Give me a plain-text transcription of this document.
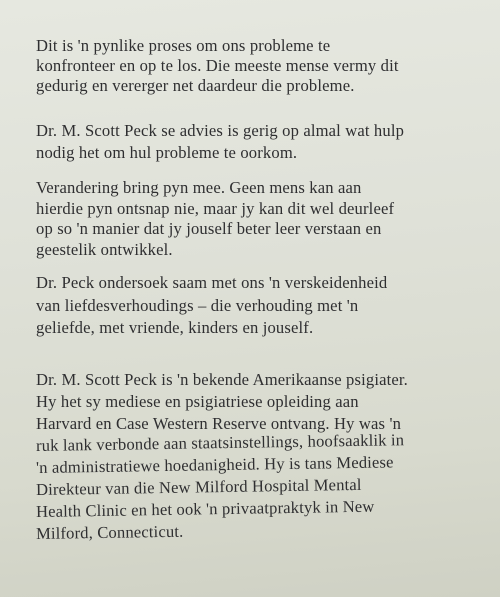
Dit is 'n pynlike proses om ons probleme te
konfronteer en op te los. Die meeste mense vermy dit
gedurig en vererger net daardeur die probleme.

Dr. M. Scott Peck se advies is gerig op almal wat hulp
nodig het om hul probleme te oorkom.

Verandering bring pyn mee. Geen mens kan aan
hierdie pyn ontsnap nie, maar jy kan dit wel deurleef
op so 'n manier dat jy jouself beter leer verstaan en
geestelik ontwikkel.

Dr. Peck ondersoek saam met ons 'n verskeidenheid
van liefdesverhoudings – die verhouding met 'n
geliefde, met vriende, kinders en jouself.

Dr. M. Scott Peck is 'n bekende Amerikaanse psigiater.
Hy het sy mediese en psigiatriese opleiding aan
Harvard en Case Western Reserve ontvang. Hy was 'n
ruk lank verbonde aan staatsinstellings, hoofsaaklik in
'n administratiewe hoedanigheid. Hy is tans Mediese
Direkteur van die New Milford Hospital Mental
Health Clinic en het ook 'n privaatpraktyk in New
Milford, Connecticut.
